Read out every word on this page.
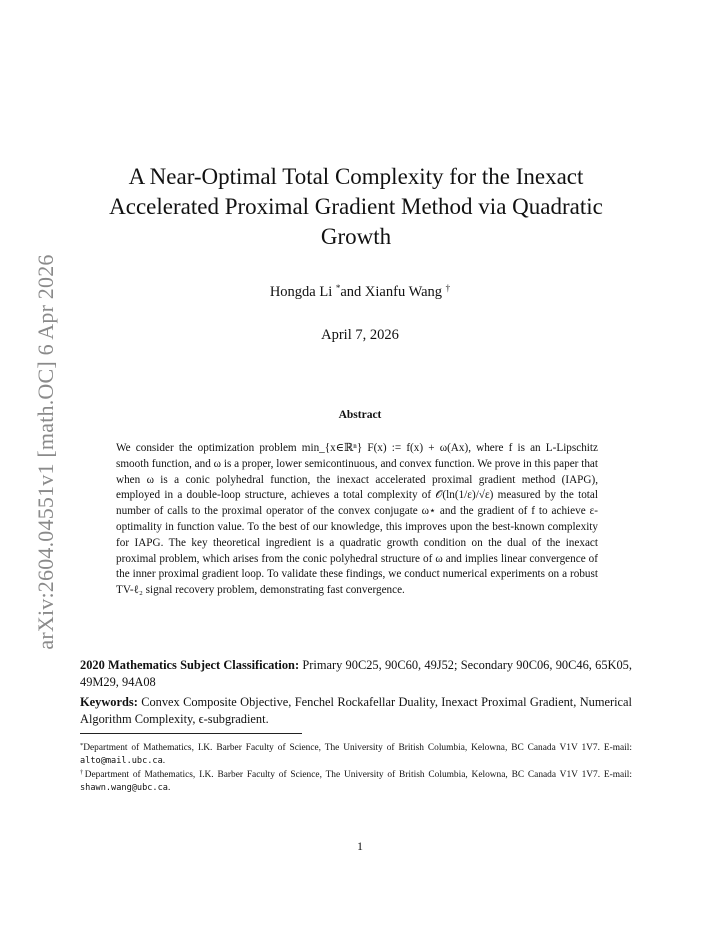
arXiv:2604.04551v1 [math.OC] 6 Apr 2026
A Near-Optimal Total Complexity for the Inexact Accelerated Proximal Gradient Method via Quadratic Growth
Hongda Li *and Xianfu Wang †
April 7, 2026
Abstract

We consider the optimization problem min_{x∈ℝⁿ} F(x) := f(x) + ω(Ax), where f is an L-Lipschitz smooth function, and ω is a proper, lower semicontinuous, and convex function. We prove in this paper that when ω is a conic polyhedral function, the inexact accelerated proximal gradient method (IAPG), employed in a double-loop structure, achieves a total complexity of 𝒪(ln(1/ε)/√ε) measured by the total number of calls to the proximal operator of the convex conjugate ω⋆ and the gradient of f to achieve ε-optimality in function value. To the best of our knowledge, this improves upon the best-known complexity for IAPG. The key theoretical ingredient is a quadratic growth condition on the dual of the inexact proximal problem, which arises from the conic polyhedral structure of ω and implies linear convergence of the inner proximal gradient loop. To validate these findings, we conduct numerical experiments on a robust TV-ℓ₂ signal recovery problem, demonstrating fast convergence.

2020 Mathematics Subject Classification: Primary 90C25, 90C60, 49J52; Secondary 90C06, 90C46, 65K05, 49M29, 94A08

Keywords: Convex Composite Objective, Fenchel Rockafellar Duality, Inexact Proximal Gradient, Numerical Algorithm Complexity, ϵ-subgradient.

*Department of Mathematics, I.K. Barber Faculty of Science, The University of British Columbia, Kelowna, BC Canada V1V 1V7. E-mail: alto@mail.ubc.ca.

†Department of Mathematics, I.K. Barber Faculty of Science, The University of British Columbia, Kelowna, BC Canada V1V 1V7. E-mail: shawn.wang@ubc.ca.

1
